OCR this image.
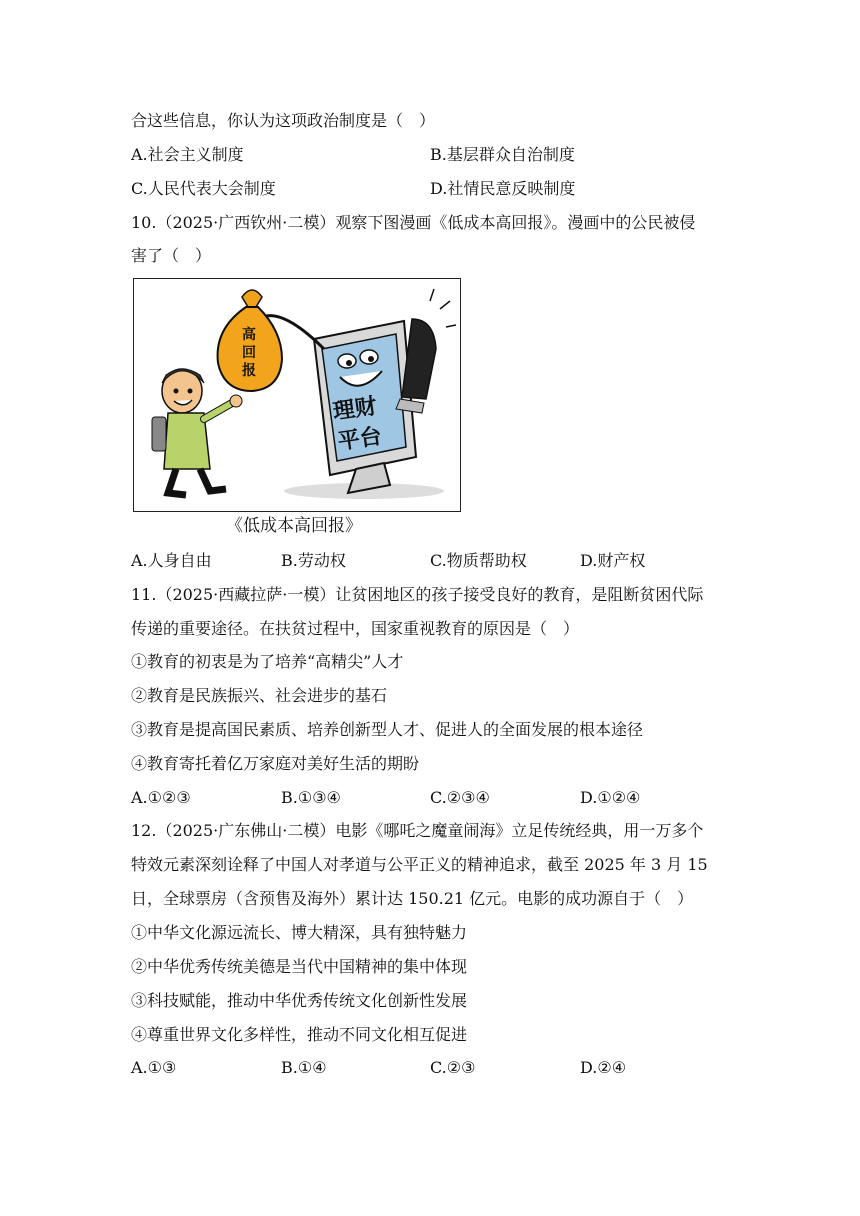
合这些信息，你认为这项政治制度是（　）
A.社会主义制度	B.基层群众自治制度
C.人民代表大会制度	D.社情民意反映制度
10.（2025·广西钦州·二模）观察下图漫画《低成本高回报》。漫画中的公民被侵
害了（　）
理财
平台
高
回
报
《低成本高回报》
A.人身自由	B.劳动权	C.物质帮助权	D.财产权
11.（2025·西藏拉萨·一模）让贫困地区的孩子接受良好的教育，是阻断贫困代际
传递的重要途径。在扶贫过程中，国家重视教育的原因是（　）
①教育的初衷是为了培养“高精尖”人才
②教育是民族振兴、社会进步的基石
③教育是提高国民素质、培养创新型人才、促进人的全面发展的根本途径
④教育寄托着亿万家庭对美好生活的期盼
A.①②③	B.①③④	C.②③④	D.①②④
12.（2025·广东佛山·二模）电影《哪吒之魔童闹海》立足传统经典，用一万多个
特效元素深刻诠释了中国人对孝道与公平正义的精神追求，截至 2025 年 3 月 15
日，全球票房（含预售及海外）累计达 150.21 亿元。电影的成功源自于（　）
①中华文化源远流长、博大精深，具有独特魅力
②中华优秀传统美德是当代中国精神的集中体现
③科技赋能，推动中华优秀传统文化创新性发展
④尊重世界文化多样性，推动不同文化相互促进
A.①③	B.①④	C.②③	D.②④
